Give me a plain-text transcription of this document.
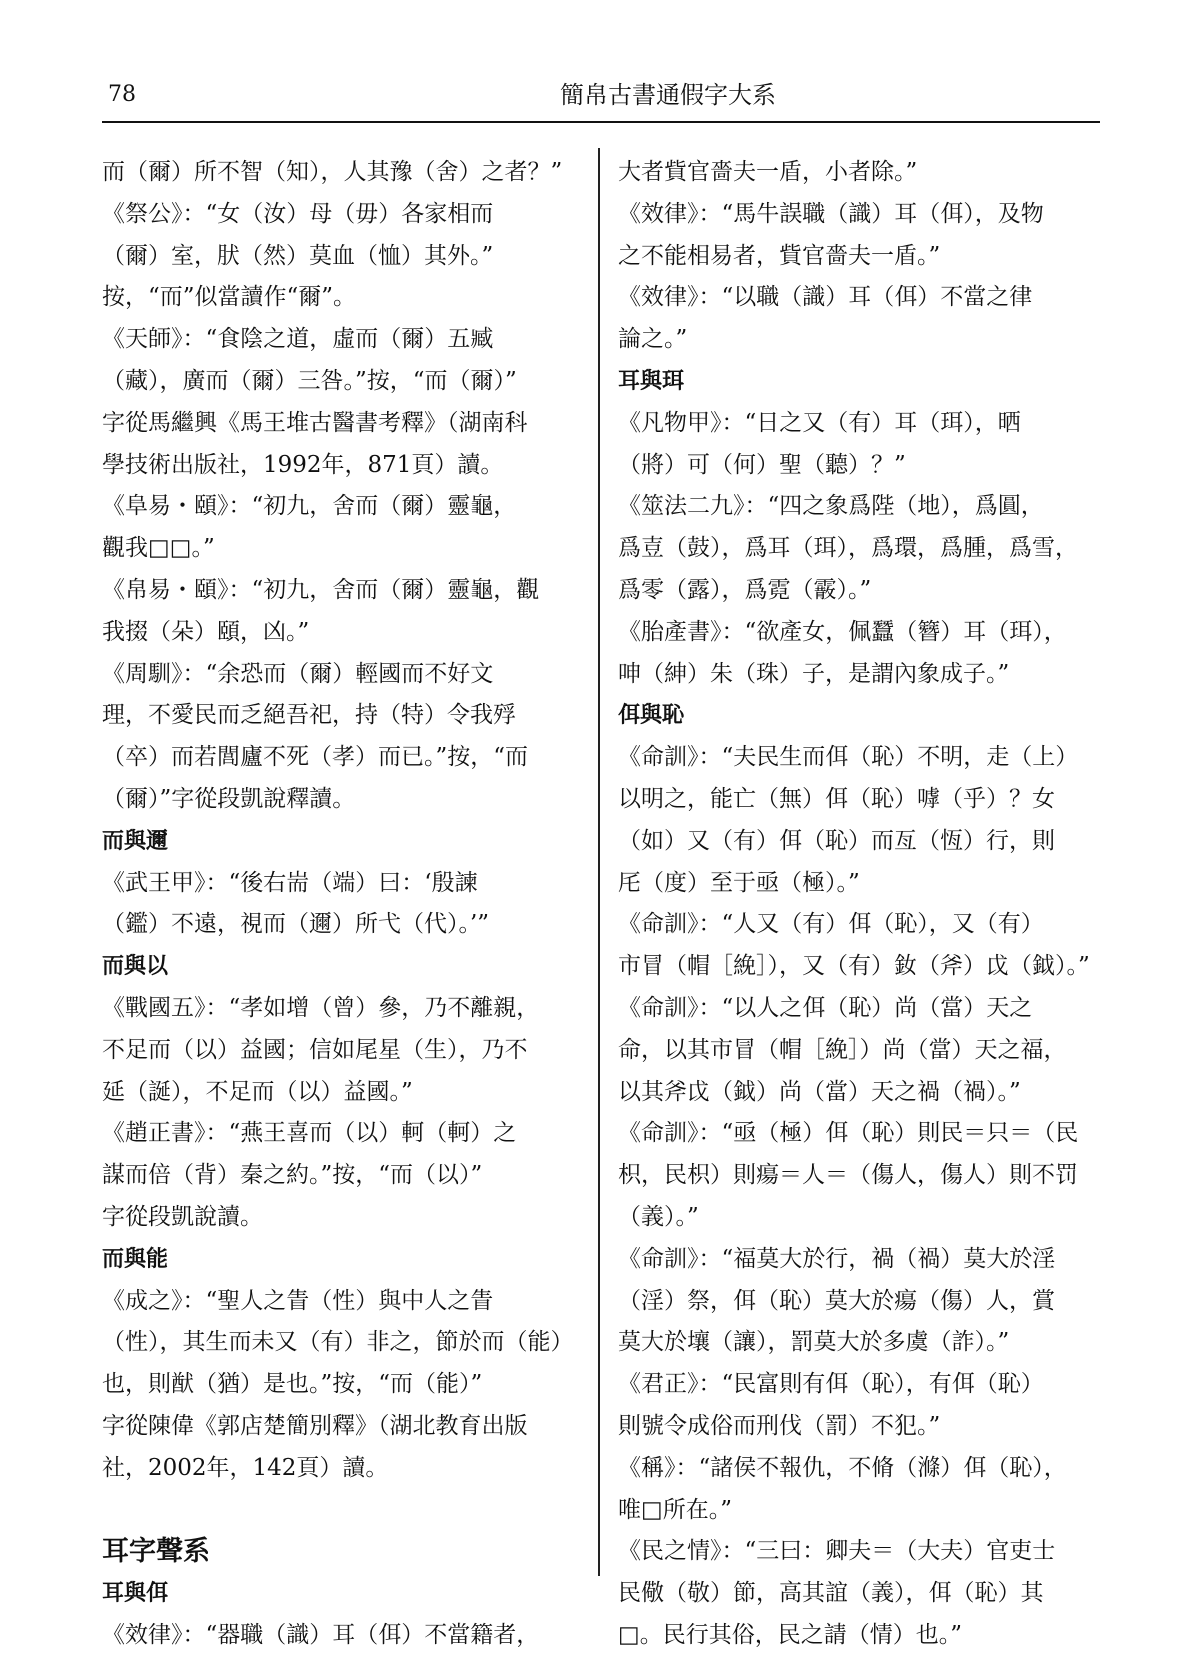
78	簡帛古書通假字大系
而（爾）所不智（知），人其豫（舍）之者？”
《祭公》：“女（汝）母（毋）各家相而
（爾）室，肰（然）莫血（恤）其外。”
按，“而”似當讀作“爾”。
《天師》：“食陰之道，虛而（爾）五臧
（藏），廣而（爾）三咎。”按，“而（爾）”
字從馬繼興《馬王堆古醫書考釋》（湖南科
學技術出版社，1992年，871頁）讀。
《阜易・頤》：“初九，舍而（爾）靈龜，
觀我□□。”
《帛易・頤》：“初九，舍而（爾）靈龜，觀
我掇（朵）頤，凶。”
《周馴》：“余恐而（爾）輕國而不好文
理，不愛民而乏絕吾祀，持（特）令我殍
（卒）而若閭廬不死（孝）而已。”按，“而
（爾）”字從段凱說釋讀。
而與邇
《武王甲》：“後右耑（端）曰：‘殷諫
（鑑）不遠，視而（邇）所弋（代）。’”
而與以
《戰國五》：“孝如增（曾）參，乃不離親，
不足而（以）益國；信如尾星（生），乃不
延（誕），不足而（以）益國。”
《趙正書》：“燕王喜而（以）軻（軻）之
謀而倍（背）秦之約。”按，“而（以）”
字從段凱說讀。
而與能
《成之》：“聖人之眚（性）與中人之眚
（性），其生而未又（有）非之，節於而（能）
也，則猷（猶）是也。”按，“而（能）”
字從陳偉《郭店楚簡別釋》（湖北教育出版
社，2002年，142頁）讀。
耳字聲系
耳與佴
《效律》：“器職（識）耳（佴）不當籍者，
大者貲官嗇夫一盾，小者除。”
《效律》：“馬牛誤職（識）耳（佴），及物
之不能相易者，貲官嗇夫一盾。”
《效律》：“以職（識）耳（佴）不當之律
論之。”
耳與珥
《凡物甲》：“日之又（有）耳（珥），晒
（將）可（何）聖（聽）？”
《筮法二九》：“四之象爲陛（地），爲圓，
爲壴（鼓），爲耳（珥），爲環，爲腫，爲雪，
爲零（露），爲霓（霰）。”
《胎產書》：“欲產女，佩蠶（簪）耳（珥），
呻（紳）朱（珠）子，是謂內象成子。”
佴與恥
《命訓》：“夫民生而佴（恥）不明，走（上）
以明之，能亡（無）佴（恥）嘑（乎）？女
（如）又（有）佴（恥）而亙（恆）行，則
厇（度）至于亟（極）。”
《命訓》：“人又（有）佴（恥），又（有）
市冒（帽［絻］），又（有）釹（斧）戉（鉞）。”
《命訓》：“以人之佴（恥）尚（當）天之
命，以其市冒（帽［絻］）尚（當）天之福，
以其斧戉（鉞）尚（當）天之禍（禍）。”
《命訓》：“亟（極）佴（恥）則民＝只＝（民
枳，民枳）則瘍＝人＝（傷人，傷人）則不罚
（義）。”
《命訓》：“福莫大於行，禍（禍）莫大於淫
（淫）祭，佴（恥）莫大於瘍（傷）人，賞
莫大於壤（讓），罰莫大於多虞（詐）。”
《君正》：“民富則有佴（恥），有佴（恥）
則號令成俗而刑伐（罰）不犯。”
《稱》：“諸侯不報仇，不脩（滌）佴（恥），
唯□所在。”
《民之情》：“三曰：卿夫＝（大夫）官吏士
民儆（敬）節，高其誼（義），佴（恥）其
□。民行其俗，民之請（情）也。”
